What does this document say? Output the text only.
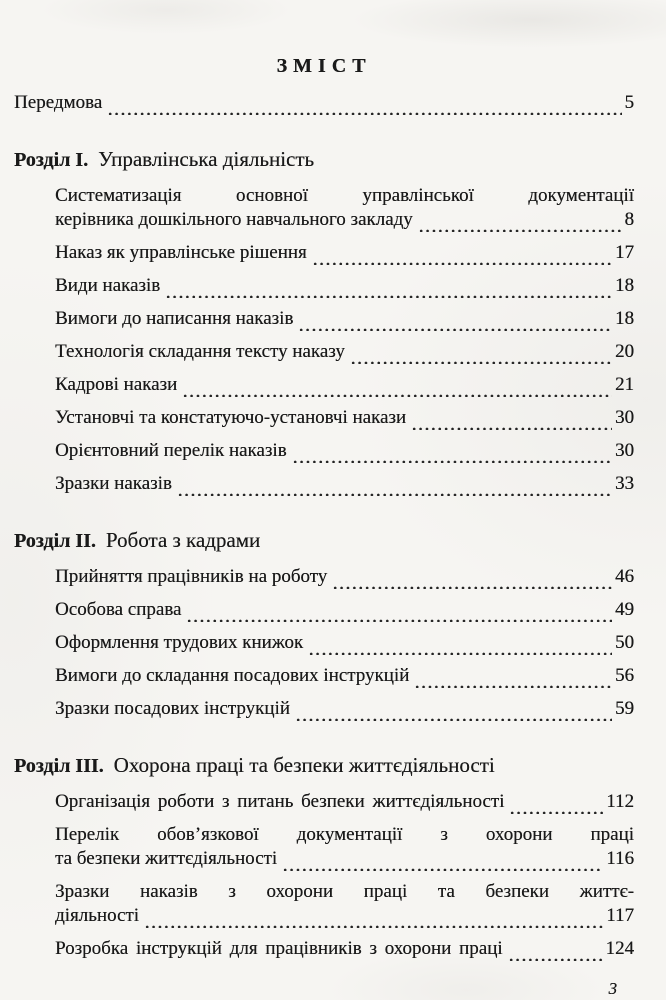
ЗМІСТ
Передмова	5
Розділ I. Управлінська діяльність
Систематизація основної управлінської документації
керівника дошкільного навчального закладу	8
Наказ як управлінське рішення	17
Види наказів	18
Вимоги до написання наказів	18
Технологія складання тексту наказу	20
Кадрові накази	21
Установчі та констатуючо-установчі накази	30
Орієнтовний перелік наказів	30
Зразки наказів	33
Розділ II. Робота з кадрами
Прийняття працівників на роботу	46
Особова справа	49
Оформлення трудових книжок	50
Вимоги до складання посадових інструкцій	56
Зразки посадових інструкцій	59
Розділ III. Охорона праці та безпеки життєдіяльності
Організація роботи з питань безпеки життєдіяльності	112
Перелік обов’язкової документації з охорони праці
та безпеки життєдіяльності	116
Зразки наказів з охорони праці та безпеки життє-
діяльності	117
Розробка інструкцій для працівників з охорони праці	124
3
